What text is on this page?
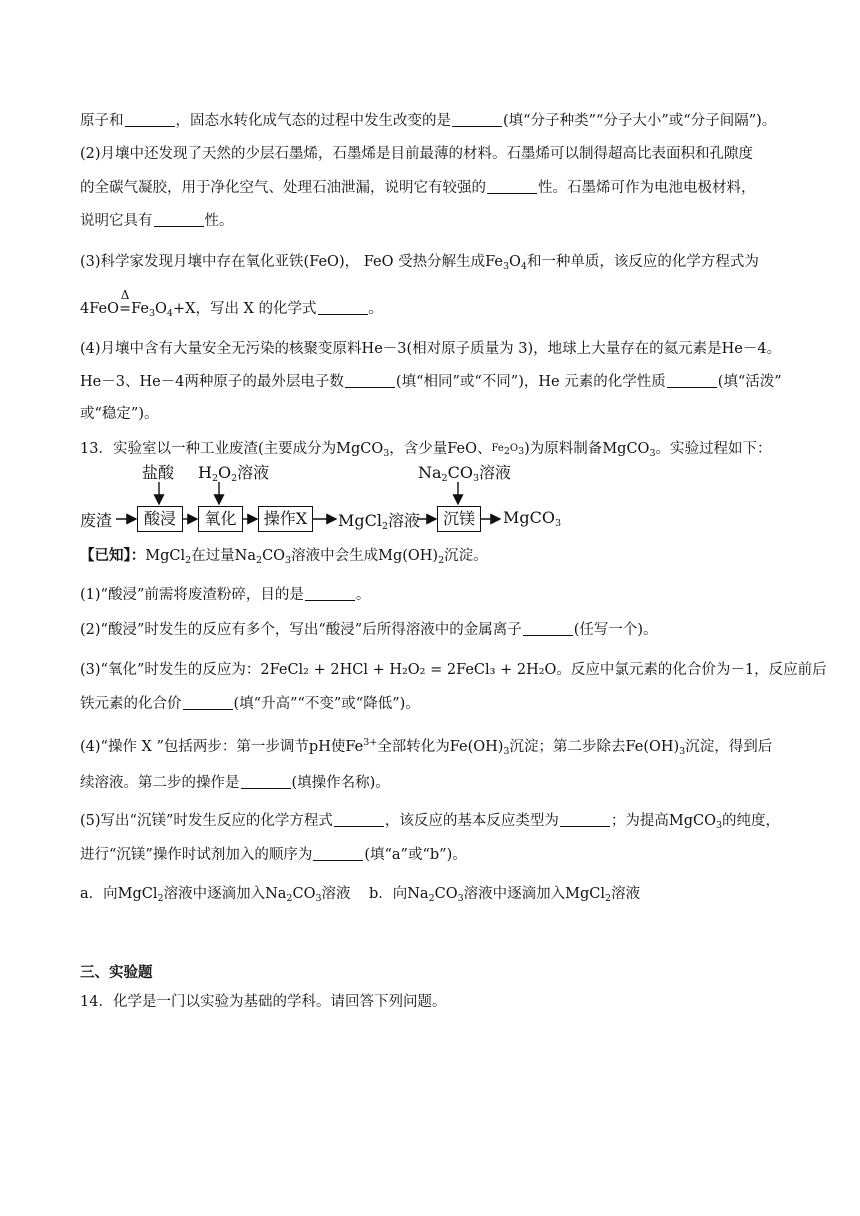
原子和	，固态水转化成气态的过程中发生改变的是	(填“分子种类”“分子大小”或“分子间隔”)。
(2)月壤中还发现了天然的少层石墨烯，石墨烯是目前最薄的材料。石墨烯可以制得超高比表面积和孔隙度
的全碳气凝胶，用于净化空气、处理石油泄漏，说明它有较强的	性。石墨烯可作为电池电极材料，
说明它具有	性。
(3)科学家发现月壤中存在氧化亚铁(FeO)， FeO 受热分解生成$Fe_3O_4$和一种单质，该反应的化学方程式为
4FeO
Δ
$=Fe_3O_4+X$，写出 X 的化学式	。
(4)月壤中含有大量安全无污染的核聚变原料He－3(相对原子质量为 3)，地球上大量存在的氦元素是He－4。
He－3、He－4两种原子的最外层电子数	(填“相同”或“不同”)，He 元素的化学性质	(填“活泼”
或“稳定”)。
13．实验室以一种工业废渣(主要成分为MgCO$_3$，含少量FeO、$Fe_2O_3$)为原料制备MgCO$_3$。实验过程如下：
废渣
盐酸 $H_2O_2$溶液	$Na_2CO_3$溶液
酸浸	氧化	操作X	MgCl$_2$溶液	沉镁	MgCO$_3$
【已知】：MgCl$_2$在过量$Na_2CO_3$溶液中会生成$Mg(OH)_2$沉淀。
(1)“酸浸”前需将废渣粉碎，目的是	。
(2)“酸浸”时发生的反应有多个，写出“酸浸”后所得溶液中的金属离子	(任写一个)。
(3)“氧化”时发生的反应为：2FeCl₂ + 2HCl + H₂O₂ = 2FeCl₃ + 2H₂O。反应中氯元素的化合价为－1，反应前后
铁元素的化合价	(填“升高”“不变”或“降低”)。
(4)“操作 X ”包括两步：第一步调节pH使$Fe^{3+}$全部转化为$Fe(OH)_3$沉淀；第二步除去$Fe(OH)_3$沉淀，得到后
续溶液。第二步的操作是	(填操作名称)。
(5)写出“沉镁”时发生反应的化学方程式	，该反应的基本反应类型为	；为提高MgCO$_3$的纯度，
进行“沉镁”操作时试剂加入的顺序为	(填“a”或“b”)。
a．向MgCl$_2$溶液中逐滴加入$Na_2CO_3$溶液 b．向$Na_2CO_3$溶液中逐滴加入MgCl$_2$溶液
三、实验题
14．化学是一门以实验为基础的学科。请回答下列问题。
